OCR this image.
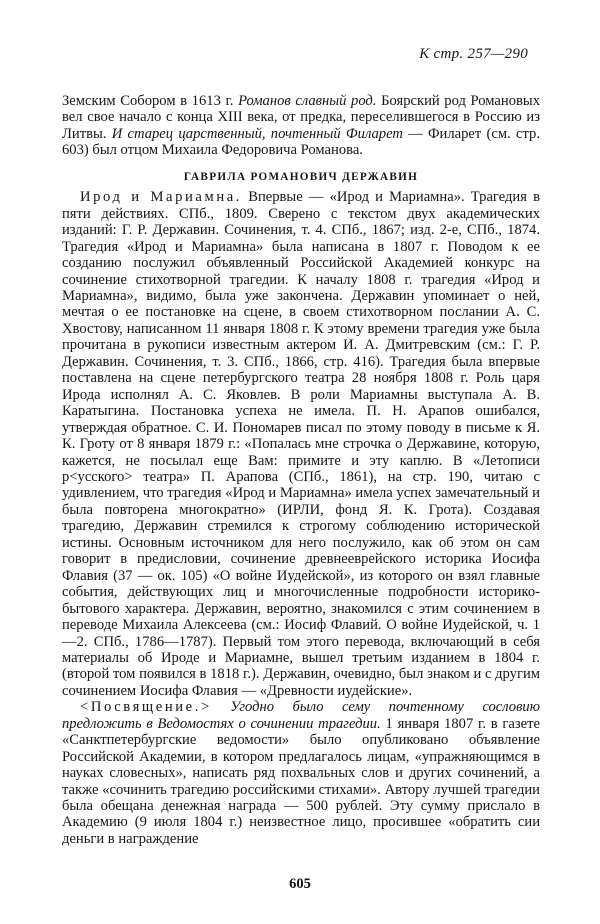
К стр. 257—290

Земским Собором в 1613 г. Романов славный род. Боярский род Романовых вел свое начало с конца XIII века, от предка, переселившегося в Россию из Литвы. И старец царственный, почтенный Филарет — Филарет (см. стр. 603) был отцом Михаила Федоровича Романова.

ГАВРИЛА РОМАНОВИЧ ДЕРЖАВИН

Ирод и Мариамна. Впервые — «Ирод и Мариамна». Трагедия в пяти действиях. СПб., 1809. Сверено с текстом двух академических изданий: Г. Р. Державин. Сочинения, т. 4. СПб., 1867; изд. 2-е, СПб., 1874. Трагедия «Ирод и Мариамна» была написана в 1807 г. Поводом к ее созданию послужил объявленный Российской Академией конкурс на сочинение стихотворной трагедии. К началу 1808 г. трагедия «Ирод и Мариамна», видимо, была уже закончена. Державин упоминает о ней, мечтая о ее постановке на сцене, в своем стихотворном послании А. С. Хвостову, написанном 11 января 1808 г. К этому времени трагедия уже была прочитана в рукописи известным актером И. А. Дмитревским (см.: Г. Р. Державин. Сочинения, т. 3. СПб., 1866, стр. 416). Трагедия была впервые поставлена на сцене петербургского театра 28 ноября 1808 г. Роль царя Ирода исполнял А. С. Яковлев. В роли Мариамны выступала А. В. Каратыгина. Постановка успеха не имела. П. Н. Арапов ошибался, утверждая обратное. С. И. Пономарев писал по этому поводу в письме к Я. К. Гроту от 8 января 1879 г.: «Попалась мне строчка о Державине, которую, кажется, не посылал еще Вам: примите и эту каплю. В «Летописи р<усского> театра» П. Арапова (СПб., 1861), на стр. 190, читаю с удивлением, что трагедия «Ирод и Мариамна» имела успех замечательный и была повторена многократно» (ИРЛИ, фонд Я. К. Грота). Создавая трагедию, Державин стремился к строгому соблюдению исторической истины. Основным источником для него послужило, как об этом он сам говорит в предисловии, сочинение древнееврейского историка Иосифа Флавия (37 — ок. 105) «О войне Иудейской», из которого он взял главные события, действующих лиц и многочисленные подробности историко-бытового характера. Державин, вероятно, знакомился с этим сочинением в переводе Михаила Алексеева (см.: Иосиф Флавий. О войне Иудейской, ч. 1—2. СПб., 1786—1787). Первый том этого перевода, включающий в себя материалы об Ироде и Мариамне, вышел третьим изданием в 1804 г. (второй том появился в 1818 г.). Державин, очевидно, был знаком и с другим сочинением Иосифа Флавия — «Древности иудейские».

<Посвящение.> Угодно было сему почтенному сословию предложить в Ведомостях о сочинении трагедии. 1 января 1807 г. в газете «Санктпетербургские ведомости» было опубликовано объявление Российской Академии, в котором предлагалось лицам, «упражняющимся в науках словесных», написать ряд похвальных слов и других сочинений, а также «сочинить трагедию российскими стихами». Автору лучшей трагедии была обещана денежная награда — 500 рублей. Эту сумму прислало в Академию (9 июля 1804 г.) неизвестное лицо, просившее «обратить сии деньги в награждение

605
